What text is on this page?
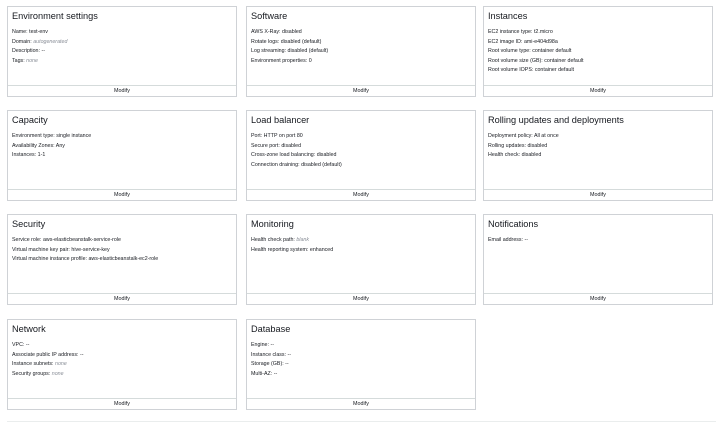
Environment settings
Name: test-env
Domain: autogenerated
Description: --
Tags: none
Modify
Software
AWS X-Ray: disabled
Rotate logs: disabled (default)
Log streaming: disabled (default)
Environment properties: 0
Modify
Instances
EC2 instance type: t2.micro
EC2 image ID: ami-e404d98a
Root volume type: container default
Root volume size (GB): container default
Root volume IOPS: container default
Modify
Capacity
Environment type: single instance
Availability Zones: Any
Instances: 1-1
Modify
Load balancer
Port: HTTP on port 80
Secure port: disabled
Cross-zone load balancing: disabled
Connection draining: disabled (default)
Modify
Rolling updates and deployments
Deployment policy: All at once
Rolling updates: disabled
Health check: disabled
Modify
Security
Service role: aws-elasticbeanstalk-service-role
Virtual machine key pair: hive-service-key
Virtual machine instance profile: aws-elasticbeanstalk-ec2-role
Modify
Monitoring
Health check path: blank
Health reporting system: enhanced
Modify
Notifications
Email address: --
Modify
Network
VPC: --
Associate public IP address: --
Instance subnets: none
Security groups: none
Modify
Database
Engine: --
Instance class: --
Storage (GB): --
Multi-AZ: --
Modify
